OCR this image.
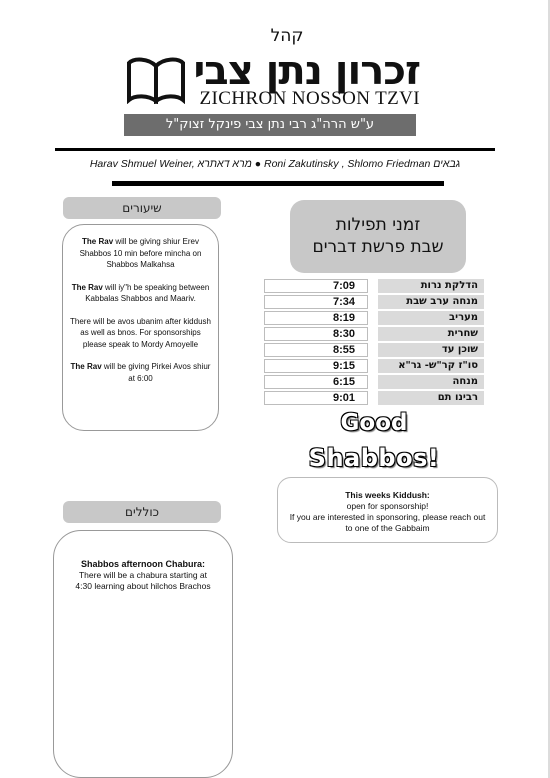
קהל
זכרון נתן צבי
ZICHRON NOSSON TZVI
ע"ש הרה"ג רבי נתן צבי פינקל זצוק"ל
Harav Shmuel Weiner, מרא דאתרא ● Roni Zakutinsky , Shlomo Friedman גבאים
שיעורים

The Rav will be giving shiur Erev Shabbos 10 min before mincha on Shabbos Malkahsa

The Rav will iy"h be speaking between Kabbalas Shabbos and Maariv.

There will be avos ubanim after kiddush as well as bnos. For sponsorships please speak to Mordy Amoyelle

The Rav will be giving Pirkei Avos shiur at 6:00

כוללים
Shabbos afternoon Chabura:
There will be a chabura starting at 4:30 learning about hilchos Brachos
זמני תפילות
שבת פרשת דברים
7:09	הדלקת נרות
7:34	מנחה ערב שבת
8:19	מעריב
8:30	שחרית
8:55	שוכן עד
9:15	סו"ז קר"ש- גר"א
6:15	מנחה
9:01	רבינו תם
Good
Shabbos!
This weeks Kiddush:
open for sponsorship!
If you are interested in sponsoring, please reach out to one of the Gabbaim
